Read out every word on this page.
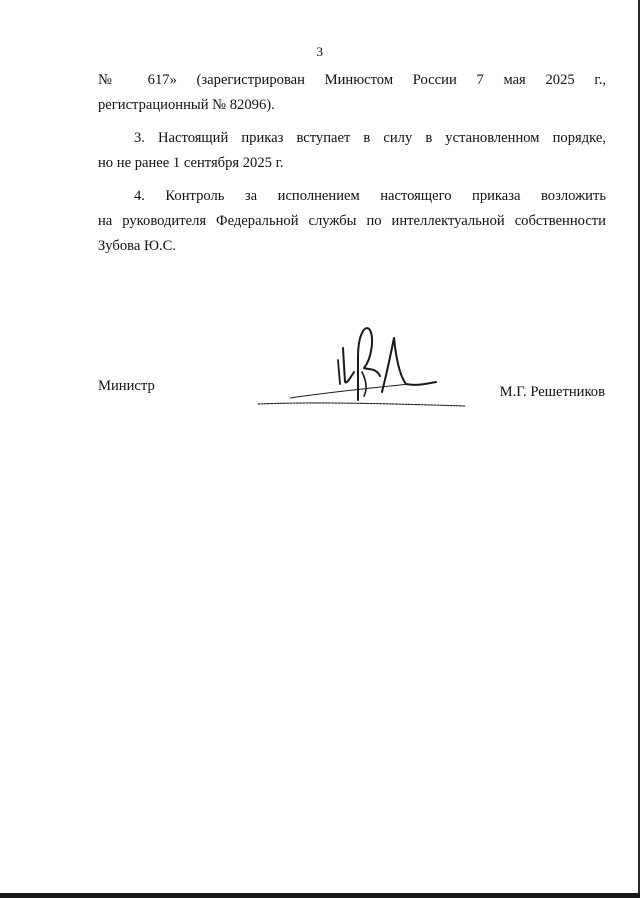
3

№ 617» (зарегистрирован Минюстом России 7 мая 2025 г.,
регистрационный № 82096).

3. Настоящий приказ вступает в силу в установленном порядке,
но не ранее 1 сентября 2025 г.

4. Контроль за исполнением настоящего приказа возложить
на руководителя Федеральной службы по интеллектуальной собственности
Зубова Ю.С.

Министр	М.Г. Решетников
